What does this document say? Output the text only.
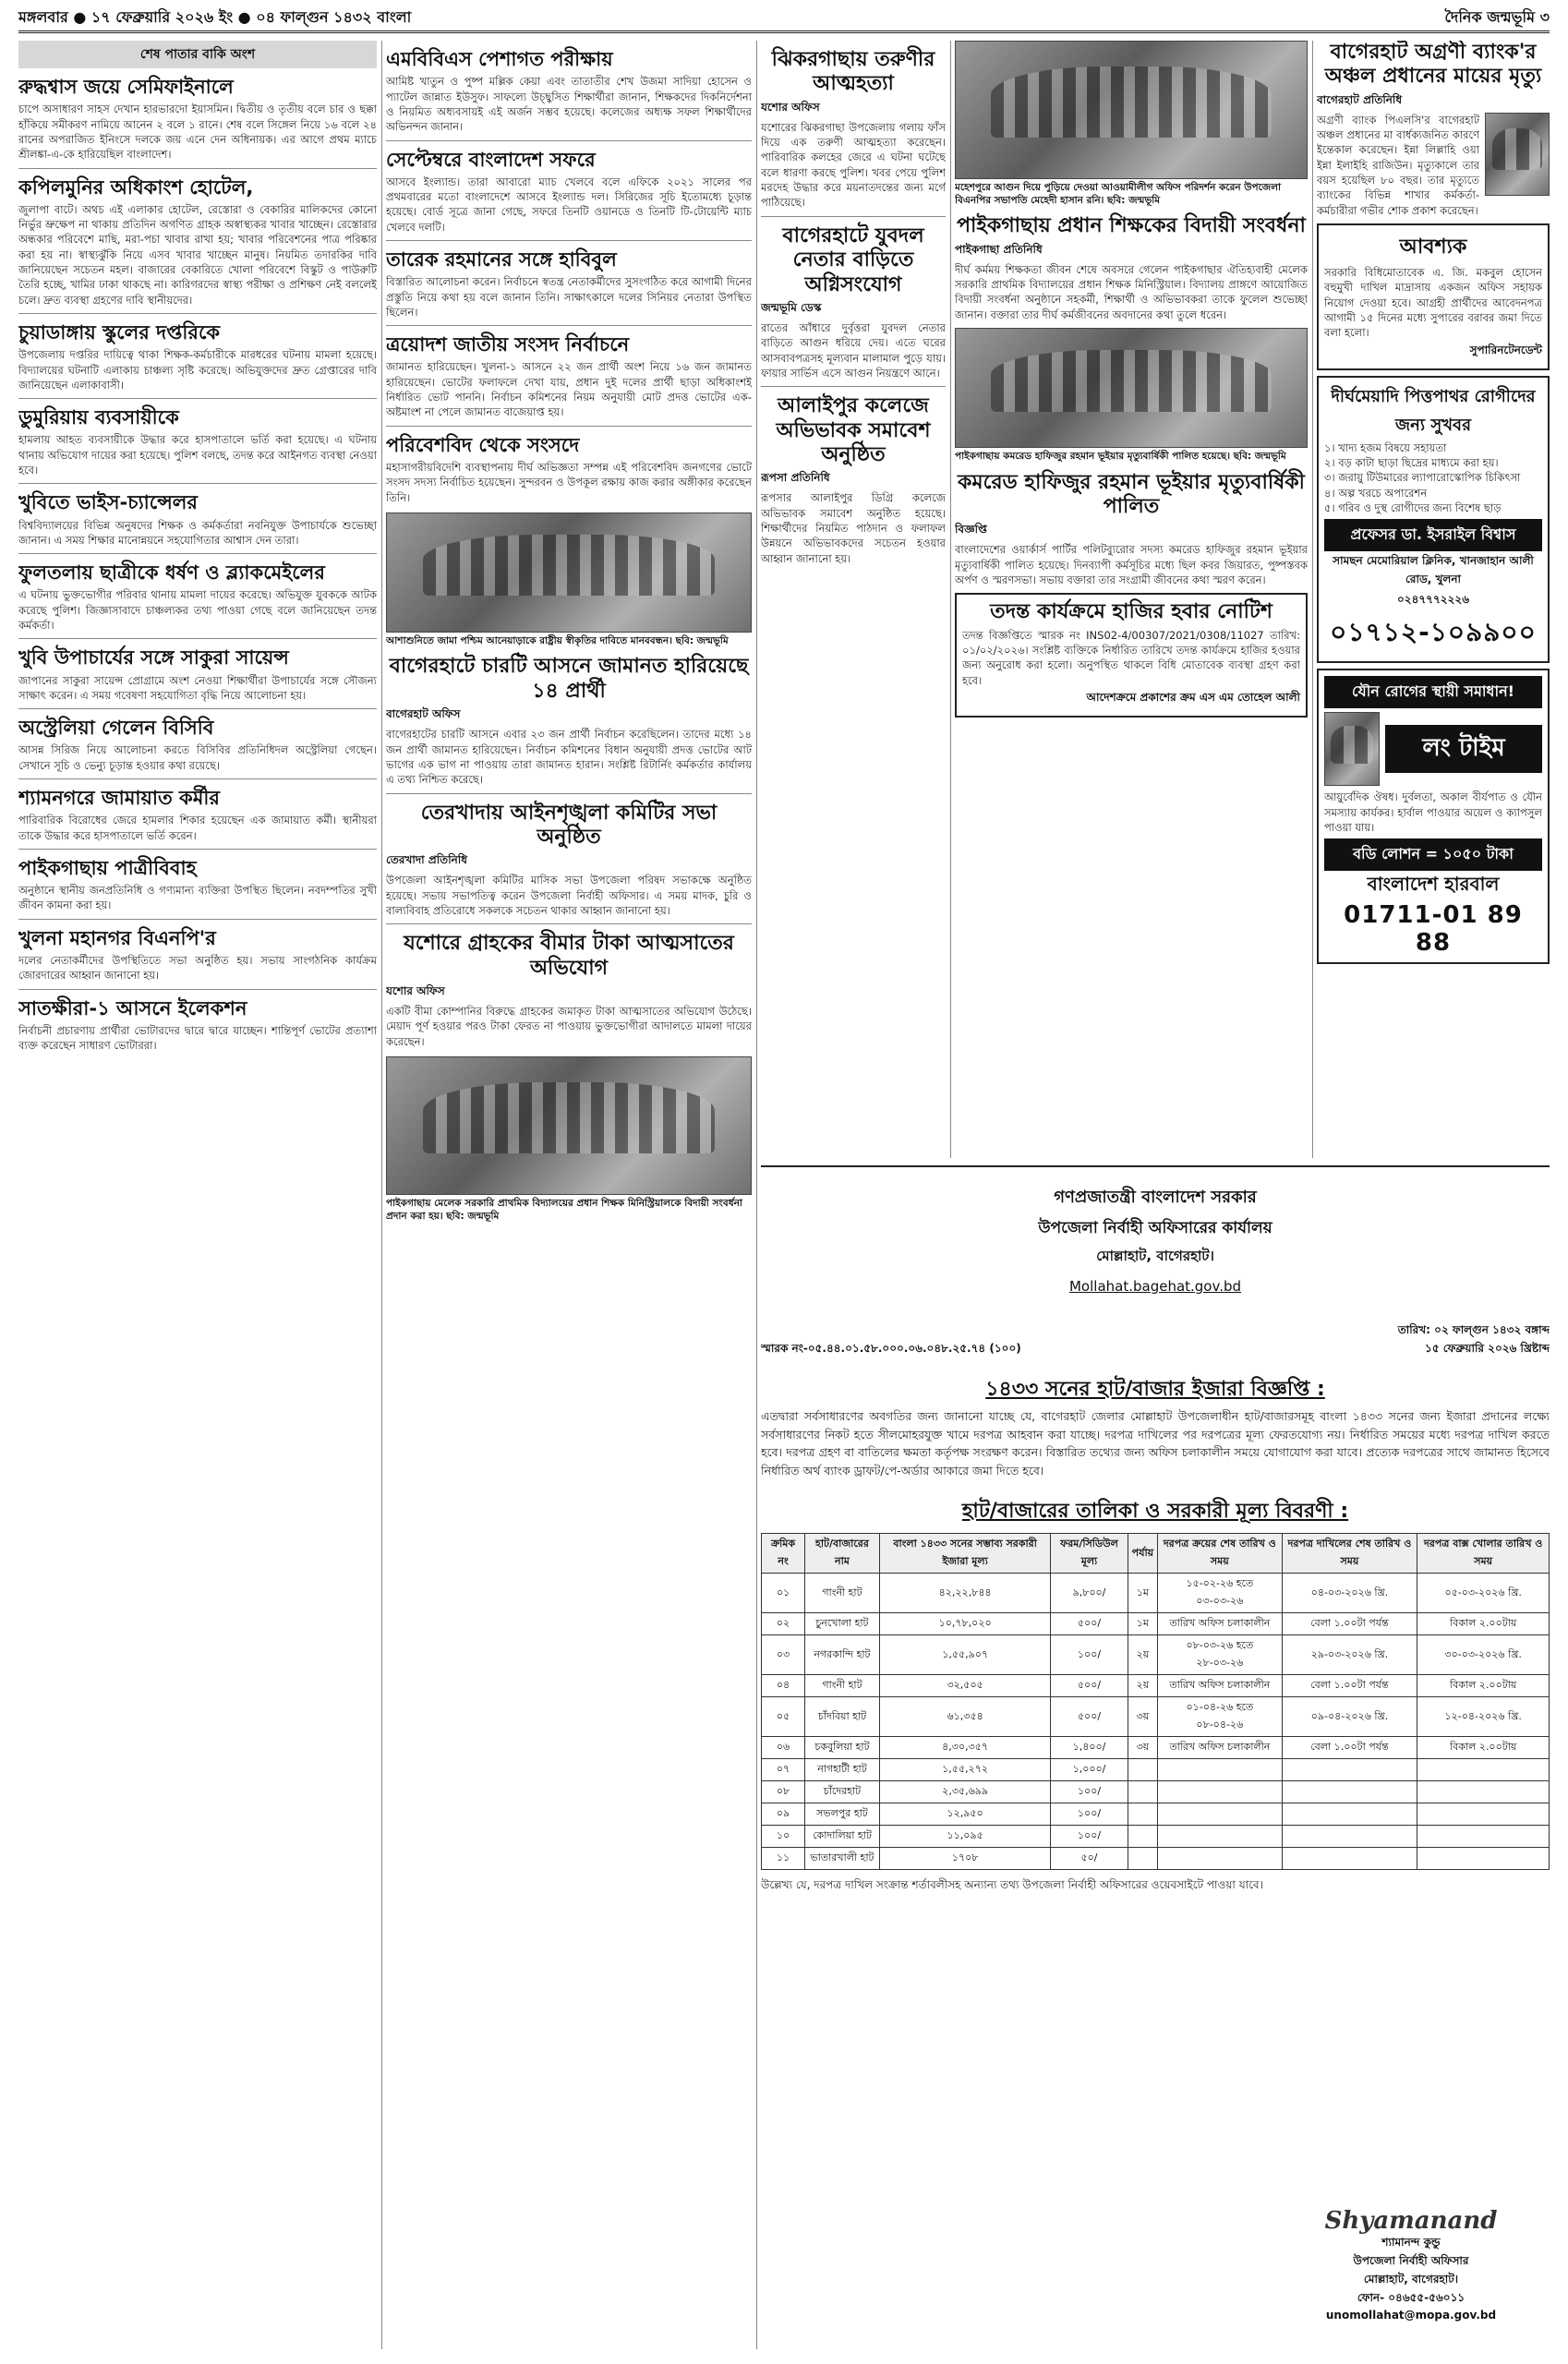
মঙ্গলবার ● ১৭ ফেব্রুয়ারি ২০২৬ ইং ● ০৪ ফাল্গুন ১৪৩২ বাংলা	দৈনিক জন্মভূমি ৩
শেষ পাতার বাকি অংশ
রুদ্ধশ্বাস জয়ে সেমিফাইনালে
চাপে অসাধারণ সাহস দেখান হারভারদো ইয়াসমিন। দ্বিতীয় ও তৃতীয় বলে চার ও ছক্কা হাঁকিয়ে সমীকরণ নামিয়ে আনেন ২ বলে ১ রানে। শেষ বলে সিঙ্গেল নিয়ে ১৬ বলে ২৪ রানের অপরাজিত ইনিংসে দলকে জয় এনে দেন অধিনায়ক। এর আগে প্রথম ম্যাচে শ্রীলঙ্কা-এ-কে হারিয়েছিল বাংলাদেশ।
কপিলমুনির অধিকাংশ হোটেল,
জুলাপা বাটে। অথচ এই এলাকার হোটেল, রেস্তোরা ও বেকারির মালিকদের কোনো নির্ভুর ভ্রুক্ষেপ না থাকায় প্রতিদিন অগণিত গ্রাহক অস্বাস্থ্যকর খাবার খাচ্ছেন। রেস্তোরার অন্ধকার পরিবেশে মাছি, মরা-পচা খাবার রাখা হয়; খাবার পরিবেশনের পাত্র পরিষ্কার করা হয় না। স্বাস্থ্যঝুঁকি নিয়ে এসব খাবার খাচ্ছেন মানুষ। নিয়মিত তদারকির দাবি জানিয়েছেন সচেতন মহল। বাজারের বেকারিতে খোলা পরিবেশে বিস্কুট ও পাউরুটি তৈরি হচ্ছে, খামির ঢাকা থাকছে না। কারিগরদের স্বাস্থ্য পরীক্ষা ও প্রশিক্ষণ নেই বললেই চলে। দ্রুত ব্যবস্থা গ্রহণের দাবি স্থানীয়দের।
চুয়াডাঙ্গায় স্কুলের দপ্তরিকে
উপজেলায় দপ্তরির দায়িত্বে থাকা শিক্ষক-কর্মচারীকে মারধরের ঘটনায় মামলা হয়েছে। বিদ্যালয়ের ঘটনাটি এলাকায় চাঞ্চল্য সৃষ্টি করেছে। অভিযুক্তদের দ্রুত গ্রেপ্তারের দাবি জানিয়েছেন এলাকাবাসী।
ডুমুরিয়ায় ব্যবসায়ীকে
হামলায় আহত ব্যবসায়ীকে উদ্ধার করে হাসপাতালে ভর্তি করা হয়েছে। এ ঘটনায় থানায় অভিযোগ দায়ের করা হয়েছে। পুলিশ বলছে, তদন্ত করে আইনগত ব্যবস্থা নেওয়া হবে।
খুবিতে ভাইস-চ্যান্সেলর
বিশ্ববিদ্যালয়ের বিভিন্ন অনুষদের শিক্ষক ও কর্মকর্তারা নবনিযুক্ত উপাচার্যকে শুভেচ্ছা জানান। এ সময় শিক্ষার মানোন্নয়নে সহযোগিতার আশ্বাস দেন তারা।
ফুলতলায় ছাত্রীকে ধর্ষণ ও ব্ল্যাকমেইলের
এ ঘটনায় ভুক্তভোগীর পরিবার থানায় মামলা দায়ের করেছে। অভিযুক্ত যুবককে আটক করেছে পুলিশ। জিজ্ঞাসাবাদে চাঞ্চল্যকর তথ্য পাওয়া গেছে বলে জানিয়েছেন তদন্ত কর্মকর্তা।
খুবি উপাচার্যের সঙ্গে সাকুরা সায়েন্স
জাপানের সাকুরা সায়েন্স প্রোগ্রামে অংশ নেওয়া শিক্ষার্থীরা উপাচার্যের সঙ্গে সৌজন্য সাক্ষাৎ করেন। এ সময় গবেষণা সহযোগিতা বৃদ্ধি নিয়ে আলোচনা হয়।
অস্ট্রেলিয়া গেলেন বিসিবি
আসন্ন সিরিজ নিয়ে আলোচনা করতে বিসিবির প্রতিনিধিদল অস্ট্রেলিয়া গেছেন। সেখানে সূচি ও ভেন্যু চূড়ান্ত হওয়ার কথা রয়েছে।
শ্যামনগরে জামায়াত কর্মীর
পারিবারিক বিরোধের জেরে হামলার শিকার হয়েছেন এক জামায়াত কর্মী। স্থানীয়রা তাকে উদ্ধার করে হাসপাতালে ভর্তি করেন।
পাইকগাছায় পাত্রীবিবাহ
অনুষ্ঠানে স্থানীয় জনপ্রতিনিধি ও গণ্যমান্য ব্যক্তিরা উপস্থিত ছিলেন। নবদম্পতির সুখী জীবন কামনা করা হয়।
খুলনা মহানগর বিএনপি'র
দলের নেতাকর্মীদের উপস্থিতিতে সভা অনুষ্ঠিত হয়। সভায় সাংগঠনিক কার্যক্রম জোরদারের আহ্বান জানানো হয়।
সাতক্ষীরা-১ আসনে ইলেকশন
নির্বাচনী প্রচারণায় প্রার্থীরা ভোটারদের দ্বারে দ্বারে যাচ্ছেন। শান্তিপূর্ণ ভোটের প্রত্যাশা ব্যক্ত করেছেন সাধারণ ভোটাররা।
এমবিবিএস পেশাগত পরীক্ষায়
আমিষ্ট খাতুন ও পুষ্প মল্লিক কেয়া এবং তাতাতীর শেখ উজমা সাদিয়া হোসেন ও প্যাটেল জান্নাত ইউসুফ। সাফল্যে উচ্ছ্বসিত শিক্ষার্থীরা জানান, শিক্ষকদের দিকনির্দেশনা ও নিয়মিত অধ্যবসায়ই এই অর্জন সম্ভব হয়েছে। কলেজের অধ্যক্ষ সফল শিক্ষার্থীদের অভিনন্দন জানান।
সেপ্টেম্বরে বাংলাদেশ সফরে
আসবে ইংল্যান্ড। তারা আবারো ম্যাচ খেলবে বলে এফিকে ২০২১ সালের পর প্রথমবারের মতো বাংলাদেশে আসবে ইংল্যান্ড দল। সিরিজের সূচি ইতোমধ্যে চূড়ান্ত হয়েছে। বোর্ড সূত্রে জানা গেছে, সফরে তিনটি ওয়ানডে ও তিনটি টি-টোয়েন্টি ম্যাচ খেলবে দলটি।
তারেক রহমানের সঙ্গে হাবিবুল
বিস্তারিত আলোচনা করেন। নির্বাচনে স্বতন্ত্র নেতাকর্মীদের সুসংগঠিত করে আগামী দিনের প্রস্তুতি নিয়ে কথা হয় বলে জানান তিনি। সাক্ষাৎকালে দলের সিনিয়র নেতারা উপস্থিত ছিলেন।
ত্রয়োদশ জাতীয় সংসদ নির্বাচনে
জামানত হারিয়েছেন। খুলনা-১ আসনে ২২ জন প্রার্থী অংশ নিয়ে ১৬ জন জামানত হারিয়েছেন। ভোটের ফলাফলে দেখা যায়, প্রধান দুই দলের প্রার্থী ছাড়া অধিকাংশই নির্ধারিত ভোট পাননি। নির্বাচন কমিশনের নিয়ম অনুযায়ী মোট প্রদত্ত ভোটের এক-অষ্টমাংশ না পেলে জামানত বাজেয়াপ্ত হয়।
পরিবেশবিদ থেকে সংসদে
মহাসাগরীয়বিদেশি ব্যবস্থাপনায় দীর্ঘ অভিজ্ঞতা সম্পন্ন এই পরিবেশবিদ জনগণের ভোটে সংসদ সদস্য নির্বাচিত হয়েছেন। সুন্দরবন ও উপকূল রক্ষায় কাজ করার অঙ্গীকার করেছেন তিনি।
আশাশুনিতে জামা পশ্চিম আনেয়াড়াকে রাষ্ট্রীয় স্বীকৃতির দাবিতে মানববন্ধন। ছবি: জন্মভূমি
বাগেরহাটে চারটি আসনে জামানত হারিয়েছে ১৪ প্রার্থী
বাগেরহাট অফিস
বাগেরহাটের চারটি আসনে এবার ২৩ জন প্রার্থী নির্বাচন করেছিলেন। তাদের মধ্যে ১৪ জন প্রার্থী জামানত হারিয়েছেন। নির্বাচন কমিশনের বিধান অনুযায়ী প্রদত্ত ভোটের আট ভাগের এক ভাগ না পাওয়ায় তারা জামানত হারান। সংশ্লিষ্ট রিটার্নিং কর্মকর্তার কার্যালয় এ তথ্য নিশ্চিত করেছে।
তেরখাদায় আইনশৃঙ্খলা কমিটির সভা অনুষ্ঠিত
তেরখাদা প্রতিনিধি
উপজেলা আইনশৃঙ্খলা কমিটির মাসিক সভা উপজেলা পরিষদ সভাকক্ষে অনুষ্ঠিত হয়েছে। সভায় সভাপতিত্ব করেন উপজেলা নির্বাহী অফিসার। এ সময় মাদক, চুরি ও বাল্যবিবাহ প্রতিরোধে সকলকে সচেতন থাকার আহ্বান জানানো হয়।
যশোরে গ্রাহকের বীমার টাকা আত্মসাতের অভিযোগ
যশোর অফিস
একটি বীমা কোম্পানির বিরুদ্ধে গ্রাহকের জমাকৃত টাকা আত্মসাতের অভিযোগ উঠেছে। মেয়াদ পূর্ণ হওয়ার পরও টাকা ফেরত না পাওয়ায় ভুক্তভোগীরা আদালতে মামলা দায়ের করেছেন।
পাইকগাছায় মেলেক সরকারি প্রাথমিক বিদ্যালয়ের প্রধান শিক্ষক মিনিস্ট্রিয়ালকে বিদায়ী সংবর্ধনা প্রদান করা হয়। ছবি: জন্মভূমি
ঝিকরগাছায় তরুণীর আত্মহত্যা
যশোর অফিস
যশোরের ঝিকরগাছা উপজেলায় গলায় ফাঁস দিয়ে এক তরুণী আত্মহত্যা করেছেন। পারিবারিক কলহের জেরে এ ঘটনা ঘটেছে বলে ধারণা করছে পুলিশ। খবর পেয়ে পুলিশ মরদেহ উদ্ধার করে ময়নাতদন্তের জন্য মর্গে পাঠিয়েছে।
বাগেরহাটে যুবদল নেতার বাড়িতে অগ্নিসংযোগ
জন্মভূমি ডেস্ক
রাতের আঁধারে দুর্বৃত্তরা যুবদল নেতার বাড়িতে আগুন ধরিয়ে দেয়। এতে ঘরের আসবাবপত্রসহ মূল্যবান মালামাল পুড়ে যায়। ফায়ার সার্ভিস এসে আগুন নিয়ন্ত্রণে আনে।
আলাইপুর কলেজে অভিভাবক সমাবেশ অনুষ্ঠিত
রূপসা প্রতিনিধি
রূপসার আলাইপুর ডিগ্রি কলেজে অভিভাবক সমাবেশ অনুষ্ঠিত হয়েছে। শিক্ষার্থীদের নিয়মিত পাঠদান ও ফলাফল উন্নয়নে অভিভাবকদের সচেতন হওয়ার আহ্বান জানানো হয়।
মহেশপুরে আগুন দিয়ে পুড়িয়ে দেওয়া আওয়ামীলীগ অফিস পরিদর্শন করেন উপজেলা বিএনপির সভাপতি মেহেদী হাসান রনি। ছবি: জন্মভূমি
পাইকগাছায় প্রধান শিক্ষকের বিদায়ী সংবর্ধনা
পাইকগাছা প্রতিনিধি
দীর্ঘ কর্মময় শিক্ষকতা জীবন শেষে অবসরে গেলেন পাইকগাছার ঐতিহ্যবাহী মেলেক সরকারি প্রাথমিক বিদ্যালয়ের প্রধান শিক্ষক মিনিস্ট্রিয়াল। বিদ্যালয় প্রাঙ্গণে আয়োজিত বিদায়ী সংবর্ধনা অনুষ্ঠানে সহকর্মী, শিক্ষার্থী ও অভিভাবকরা তাকে ফুলেল শুভেচ্ছা জানান। বক্তারা তার দীর্ঘ কর্মজীবনের অবদানের কথা তুলে ধরেন।
পাইকগাছায় কমরেড হাফিজুর রহমান ভূইয়ার মৃত্যুবার্ষিকী পালিত হয়েছে। ছবি: জন্মভূমি
কমরেড হাফিজুর রহমান ভূইয়ার মৃত্যুবার্ষিকী পালিত
বিজ্ঞপ্তি
বাংলাদেশের ওয়ার্কার্স পার্টির পলিটব্যুরোর সদস্য কমরেড হাফিজুর রহমান ভূইয়ার মৃত্যুবার্ষিকী পালিত হয়েছে। দিনব্যাপী কর্মসূচির মধ্যে ছিল কবর জিয়ারত, পুষ্পস্তবক অর্পণ ও স্মরণসভা। সভায় বক্তারা তার সংগ্রামী জীবনের কথা স্মরণ করেন।
তদন্ত কার্যক্রমে হাজির হবার নোটিশ
তদন্ত বিজ্ঞপ্তিতে স্মারক নং INS02-4/00307/2021/0308/11027 তারিখ: ০১/০২/২০২৬। সংশ্লিষ্ট ব্যক্তিকে নির্ধারিত তারিখে তদন্ত কার্যক্রমে হাজির হওয়ার জন্য অনুরোধ করা হলো। অনুপস্থিত থাকলে বিধি মোতাবেক ব্যবস্থা গ্রহণ করা হবে।
আদেশক্রমে প্রকাশের ক্রম এস এম তোহেল আলী
বাগেরহাট অগ্রণী ব্যাংক'র অঞ্চল প্রধানের মায়ের মৃত্যু
বাগেরহাট প্রতিনিধি
অগ্রণী ব্যাংক পিএলসি'র বাগেরহাট অঞ্চল প্রধানের মা বার্ধক্যজনিত কারণে ইন্তেকাল করেছেন। ইন্না লিল্লাহি ওয়া ইন্না ইলাইহি রাজিউন। মৃত্যুকালে তার বয়স হয়েছিল ৮০ বছর। তার মৃত্যুতে ব্যাংকের বিভিন্ন শাখার কর্মকর্তা-কর্মচারীরা গভীর শোক প্রকাশ করেছেন।
আবশ্যক
সরকারি বিধিমোতাবেক এ. জি. মকবুল হোসেন বহুমুখী দাখিল মাদ্রাসায় একজন অফিস সহায়ক নিয়োগ দেওয়া হবে। আগ্রহী প্রার্থীদের আবেদনপত্র আগামী ১৫ দিনের মধ্যে সুপারের বরাবর জমা দিতে বলা হলো।
সুপারিনটেনডেন্ট
দীর্ঘমেয়াদি পিত্তপাথর রোগীদের জন্য সুখবর
১। খাদ্য হজম বিষয়ে সহায়তা
২। বড় কাটা ছাড়া ছিদ্রের মাধ্যমে করা হয়।
৩। জরায়ু টিউমারের ল্যাপারোস্কোপিক চিকিৎসা
৪। অল্প খরচে অপারেশন
৫। গরিব ও দুস্থ রোগীদের জন্য বিশেষ ছাড়
প্রফেসর ডা. ইসরাইল বিশ্বাস
সামছন মেমোরিয়াল ক্লিনিক, খানজাহান আলী রোড, খুলনা
০২৪৭৭৭২২২৬
০১৭১২-১০৯৯০০
যৌন রোগের স্থায়ী সমাধান!
লং টাইম
আয়ুর্বেদিক ঔষধ। দুর্বলতা, অকাল বীর্যপাত ও যৌন সমস্যায় কার্যকর। হার্বাল পাওয়ার অয়েল ও ক্যাপসুল পাওয়া যায়।
বডি লোশন = ১০৫০ টাকা
বাংলাদেশ হারবাল
01711-01 89 88
গণপ্রজাতন্ত্রী বাংলাদেশ সরকার
উপজেলা নির্বাহী অফিসারের কার্যালয়
মোল্লাহাট, বাগেরহাট।
Mollahat.bagehat.gov.bd
স্মারক নং-০৫.৪৪.০১.৫৮.০০০.০৬.০৪৮.২৫.৭৪ (১০০)
তারিখ: ০২ ফাল্গুন ১৪৩২ বঙ্গাব্দ
১৫ ফেব্রুয়ারি ২০২৬ খ্রিষ্টাব্দ
১৪৩৩ সনের হাট/বাজার ইজারা বিজ্ঞপ্তি :
এতদ্বারা সর্বসাধারণের অবগতির জন্য জানানো যাচ্ছে যে, বাগেরহাট জেলার মোল্লাহাট উপজেলাধীন হাট/বাজারসমূহ বাংলা ১৪৩৩ সনের জন্য ইজারা প্রদানের লক্ষ্যে সর্বসাধারণের নিকট হতে সীলমোহরযুক্ত খামে দরপত্র আহবান করা যাচ্ছে। দরপত্র দাখিলের পর দরপত্রের মূল্য ফেরতযোগ্য নয়। নির্ধারিত সময়ের মধ্যে দরপত্র দাখিল করতে হবে। দরপত্র গ্রহণ বা বাতিলের ক্ষমতা কর্তৃপক্ষ সংরক্ষণ করেন। বিস্তারিত তথ্যের জন্য অফিস চলাকালীন সময়ে যোগাযোগ করা যাবে। প্রত্যেক দরপত্রের সাথে জামানত হিসেবে নির্ধারিত অর্থ ব্যাংক ড্রাফট/পে-অর্ডার আকারে জমা দিতে হবে।
হাট/বাজারের তালিকা ও সরকারী মূল্য বিবরণী :
ক্রমিক নং	হাট/বাজারের নাম	বাংলা ১৪৩৩ সনের সম্ভাব্য সরকারী ইজারা মূল্য	ফরম/সিডিউল মূল্য	পর্যায়	দরপত্র ক্রয়ের শেষ তারিখ ও সময়	দরপত্র দাখিলের শেষ তারিখ ও সময়	দরপত্র বাক্স খোলার তারিখ ও সময়
০১	গাংনী হাট	৪২,২২,৮৪৪	৯,৮০০/	১ম	১৫-০২-২৬ হতে ০৩-০৩-২৬	০৪-০৩-২০২৬ খ্রি.	০৫-০৩-২০২৬ খ্রি.
০২	চুনখোলা হাট	১০,৭৮,০২০	৫০০/	১ম	তারিখ অফিস চলাকালীন	বেলা ১.০০টা পর্যন্ত	বিকাল ২.০০টায়
০৩	নগরকান্দি হাট	১,৫৫,৯০৭	১০০/	২য়	০৮-০৩-২৬ হতে ২৮-০৩-২৬	২৯-০৩-২০২৬ খ্রি.	৩০-০৩-২০২৬ খ্রি.
০৪	গাংনী হাট	৩২,৫০৫	৫০০/	২য়	তারিখ অফিস চলাকালীন	বেলা ১.০০টা পর্যন্ত	বিকাল ২.০০টায়
০৫	চাঁদবিয়া হাট	৬১,৩৫৪	৫০০/	৩য়	০১-০৪-২৬ হতে ০৮-০৪-২৬	০৯-০৪-২০২৬ খ্রি.	১২-০৪-২০২৬ খ্রি.
০৬	চকবুলিয়া হাট	৪,৩০,৩৫৭	১,৪০০/	৩য়	তারিখ অফিস চলাকালীন	বেলা ১.০০টা পর্যন্ত	বিকাল ২.০০টায়
০৭	নাগহাটী হাট	১,৫৫,২৭২	১,০০০/				
০৮	চাঁদেরহাট	২,৩৫,৬৯৯	১০০/				
০৯	সভলপুর হাট	১২,৯৫০	১০০/				
১০	কোদালিয়া হাট	১১,০৯৫	১০০/				
১১	ভাতারখালী হাট	১৭০৮	৫০/				
উল্লেখ্য যে, দরপত্র দাখিল সংক্রান্ত শর্তাবলীসহ অন্যান্য তথ্য উপজেলা নির্বাহী অফিসারের ওয়েবসাইটে পাওয়া যাবে।
Shyamanand
শ্যামানন্দ কুন্ডু
উপজেলা নির্বাহী অফিসার
মোল্লাহাট, বাগেরহাট।
ফোন- ০৪৬৫৫-৫৬০১১
unomollahat@mopa.gov.bd
